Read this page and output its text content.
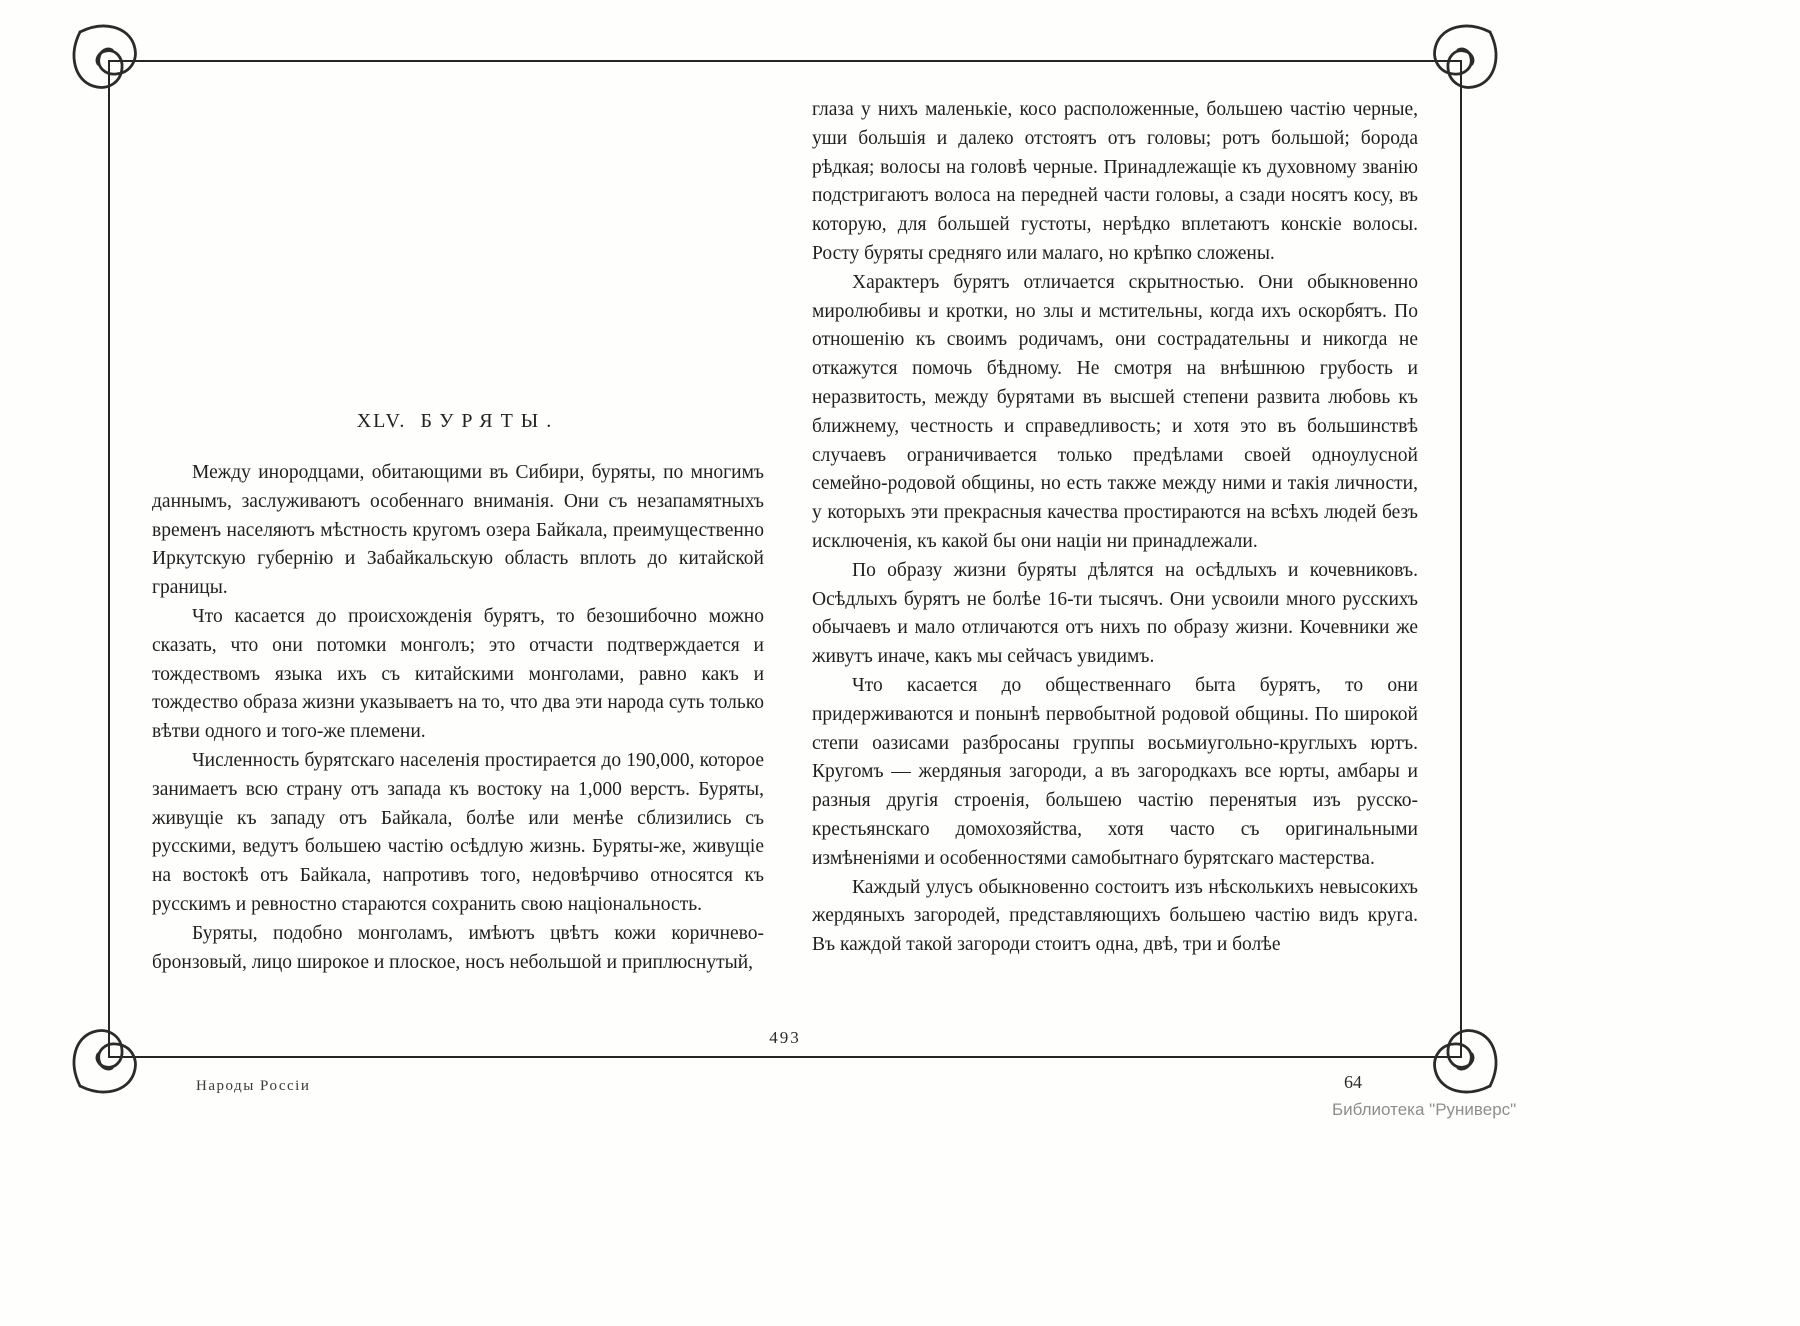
XLV. БУРЯТЫ.

Между инородцами, обитающими въ Сибири, буряты, по многимъ даннымъ, заслуживаютъ особеннаго вниманія. Они съ незапамятныхъ временъ населяютъ мѣстность кругомъ озера Байкала, преимущественно Иркутскую губернію и Забайкальскую область вплоть до китайской границы.

Что касается до происхожденія бурятъ, то безошибочно можно сказать, что они потомки монголъ; это отчасти подтверждается и тождествомъ языка ихъ съ китайскими монголами, равно какъ и тождество образа жизни указываетъ на то, что два эти народа суть только вѣтви одного и того-же племени.

Численность бурятскаго населенія простирается до 190,000, которое занимаетъ всю страну отъ запада къ востоку на 1,000 верстъ. Буряты, живущіе къ западу отъ Байкала, болѣе или менѣе сблизились съ русскими, ведутъ большею частію осѣдлую жизнь. Буряты-же, живущіе на востокѣ отъ Байкала, напротивъ того, недовѣрчиво относятся къ русскимъ и ревностно стараются сохранить свою національность.

Буряты, подобно монголамъ, имѣютъ цвѣтъ кожи коричнево-бронзовый, лицо широкое и плоское, носъ небольшой и приплюснутый,

глаза у нихъ маленькіе, косо расположенные, большею частію черные, уши большія и далеко отстоятъ отъ головы; ротъ большой; борода рѣдкая; волосы на головѣ черные. Принадлежащіе къ духовному званію подстригаютъ волоса на передней части головы, а сзади носятъ косу, въ которую, для большей густоты, нерѣдко вплетаютъ конскіе волосы. Росту буряты средняго или малаго, но крѣпко сложены.

Характеръ бурятъ отличается скрытностью. Они обыкновенно миролюбивы и кротки, но злы и мстительны, когда ихъ оскорбятъ. По отношенію къ своимъ родичамъ, они сострадательны и никогда не откажутся помочь бѣдному. Не смотря на внѣшнюю грубость и неразвитость, между бурятами въ высшей степени развита любовь къ ближнему, честность и справедливость; и хотя это въ большинствѣ случаевъ ограничивается только предѣлами своей одноулусной семейно-родовой общины, но есть также между ними и такія личности, у которыхъ эти прекрасныя качества простираются на всѣхъ людей безъ исключенія, къ какой бы они націи ни принадлежали.

По образу жизни буряты дѣлятся на осѣдлыхъ и кочевниковъ. Осѣдлыхъ бурятъ не болѣе 16-ти тысячъ. Они усвоили много русскихъ обычаевъ и мало отличаются отъ нихъ по образу жизни. Кочевники же живутъ иначе, какъ мы сейчасъ увидимъ.

Что касается до общественнаго быта бурятъ, то они придерживаются и понынѣ первобытной родовой общины. По широкой степи оазисами разбросаны группы восьмиугольно-круглыхъ юртъ. Кругомъ — жердяныя загороди, а въ загородкахъ все юрты, амбары и разныя другія строенія, большею частію перенятыя изъ русско-крестьянскаго домохозяйства, хотя часто съ оригинальными измѣненіями и особенностями самобытнаго бурятскаго мастерства.

Каждый улусъ обыкновенно состоитъ изъ нѣсколькихъ невысокихъ жердяныхъ загородей, представляющихъ большею частію видъ круга. Въ каждой такой загороди стоитъ одна, двѣ, три и болѣе

493
Народы Россіи	64
Библиотека "Руниверс"
